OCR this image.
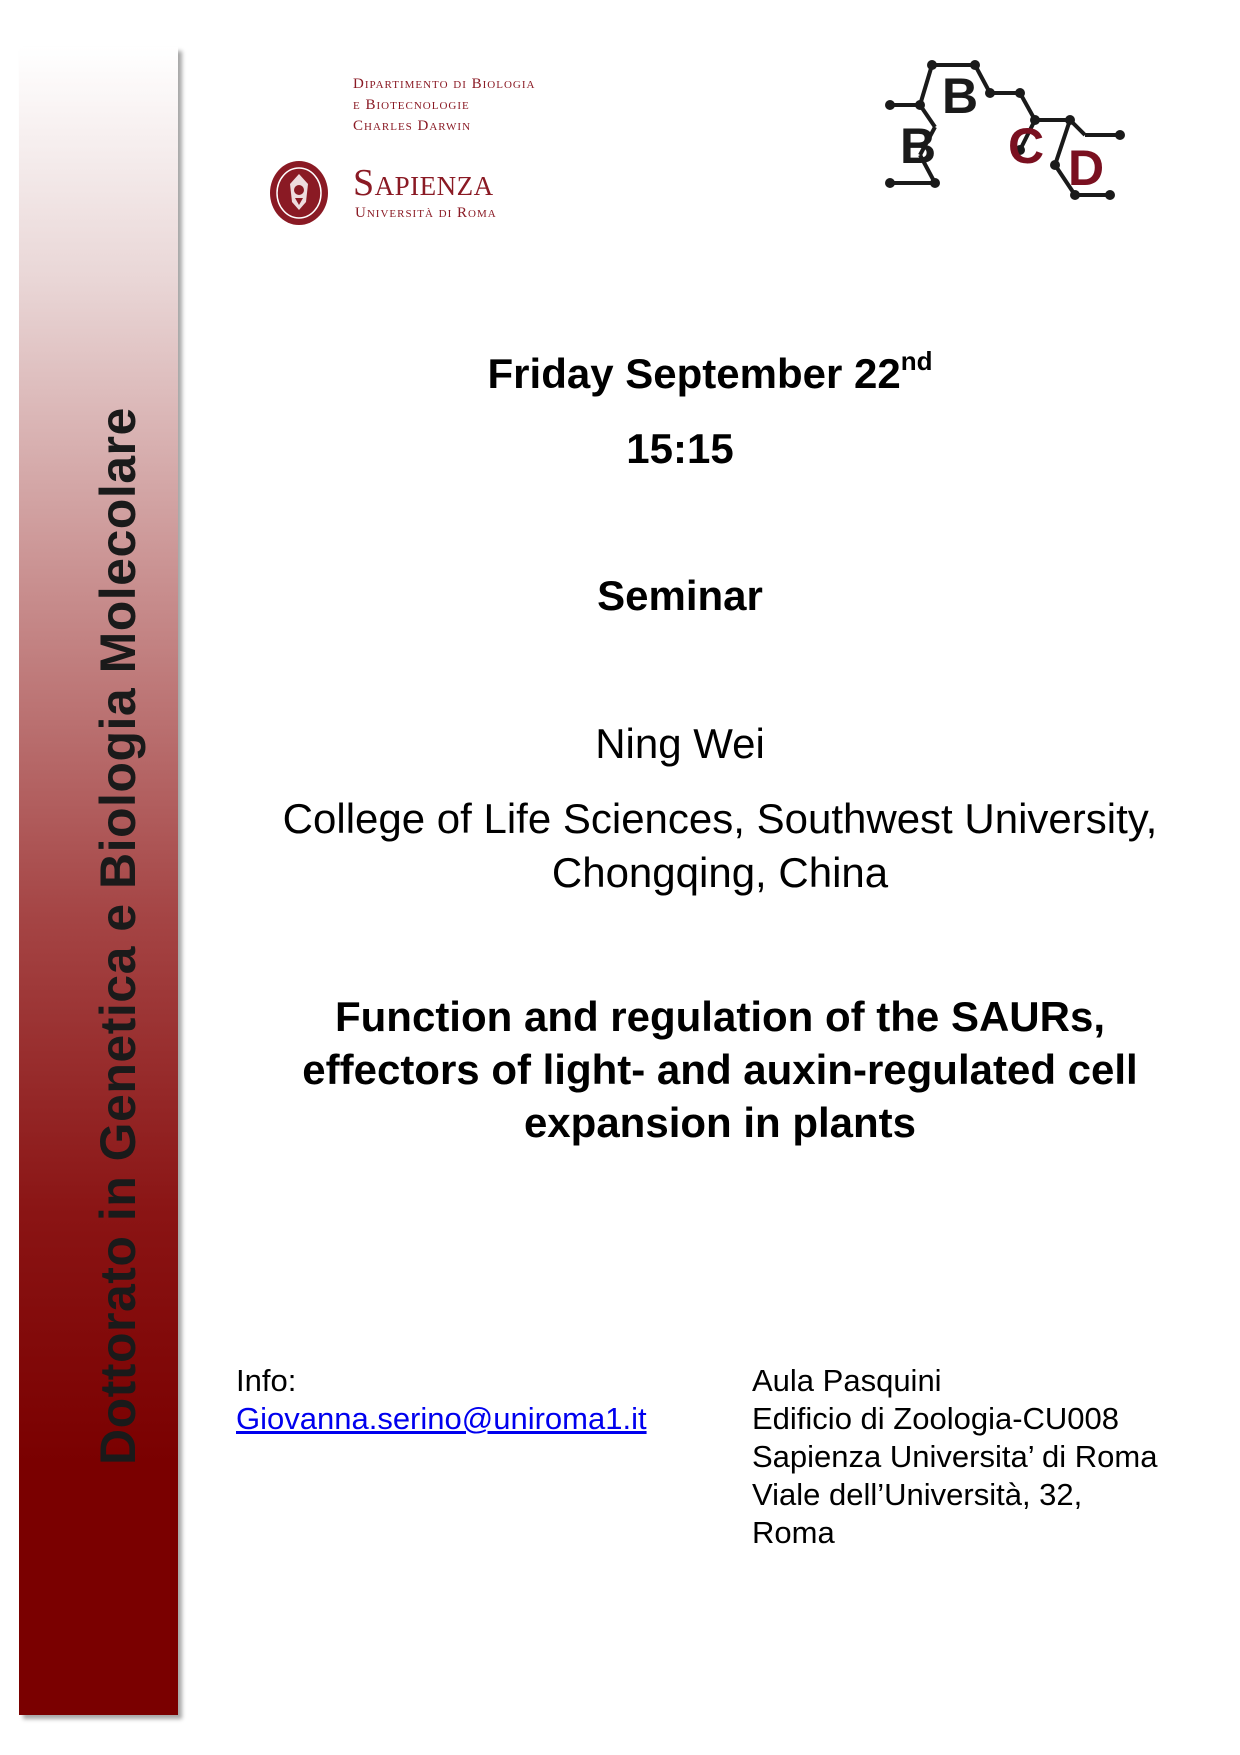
Dottorato in Genetica e Biologia Molecolare
Dipartimento di Biologia
e Biotecnologie
Charles Darwin
Sapienza
Università di Roma
B
B
C D
Friday September 22nd
15:15
Seminar
Ning Wei
College of Life Sciences, Southwest University,
Chongqing, China
Function and regulation of the SAURs,
effectors of light- and auxin-regulated cell
expansion in plants
Info:
Giovanna.serino@uniroma1.it
Aula Pasquini
Edificio di Zoologia-CU008
Sapienza Universita’ di Roma
Viale dell’Università, 32,
Roma
